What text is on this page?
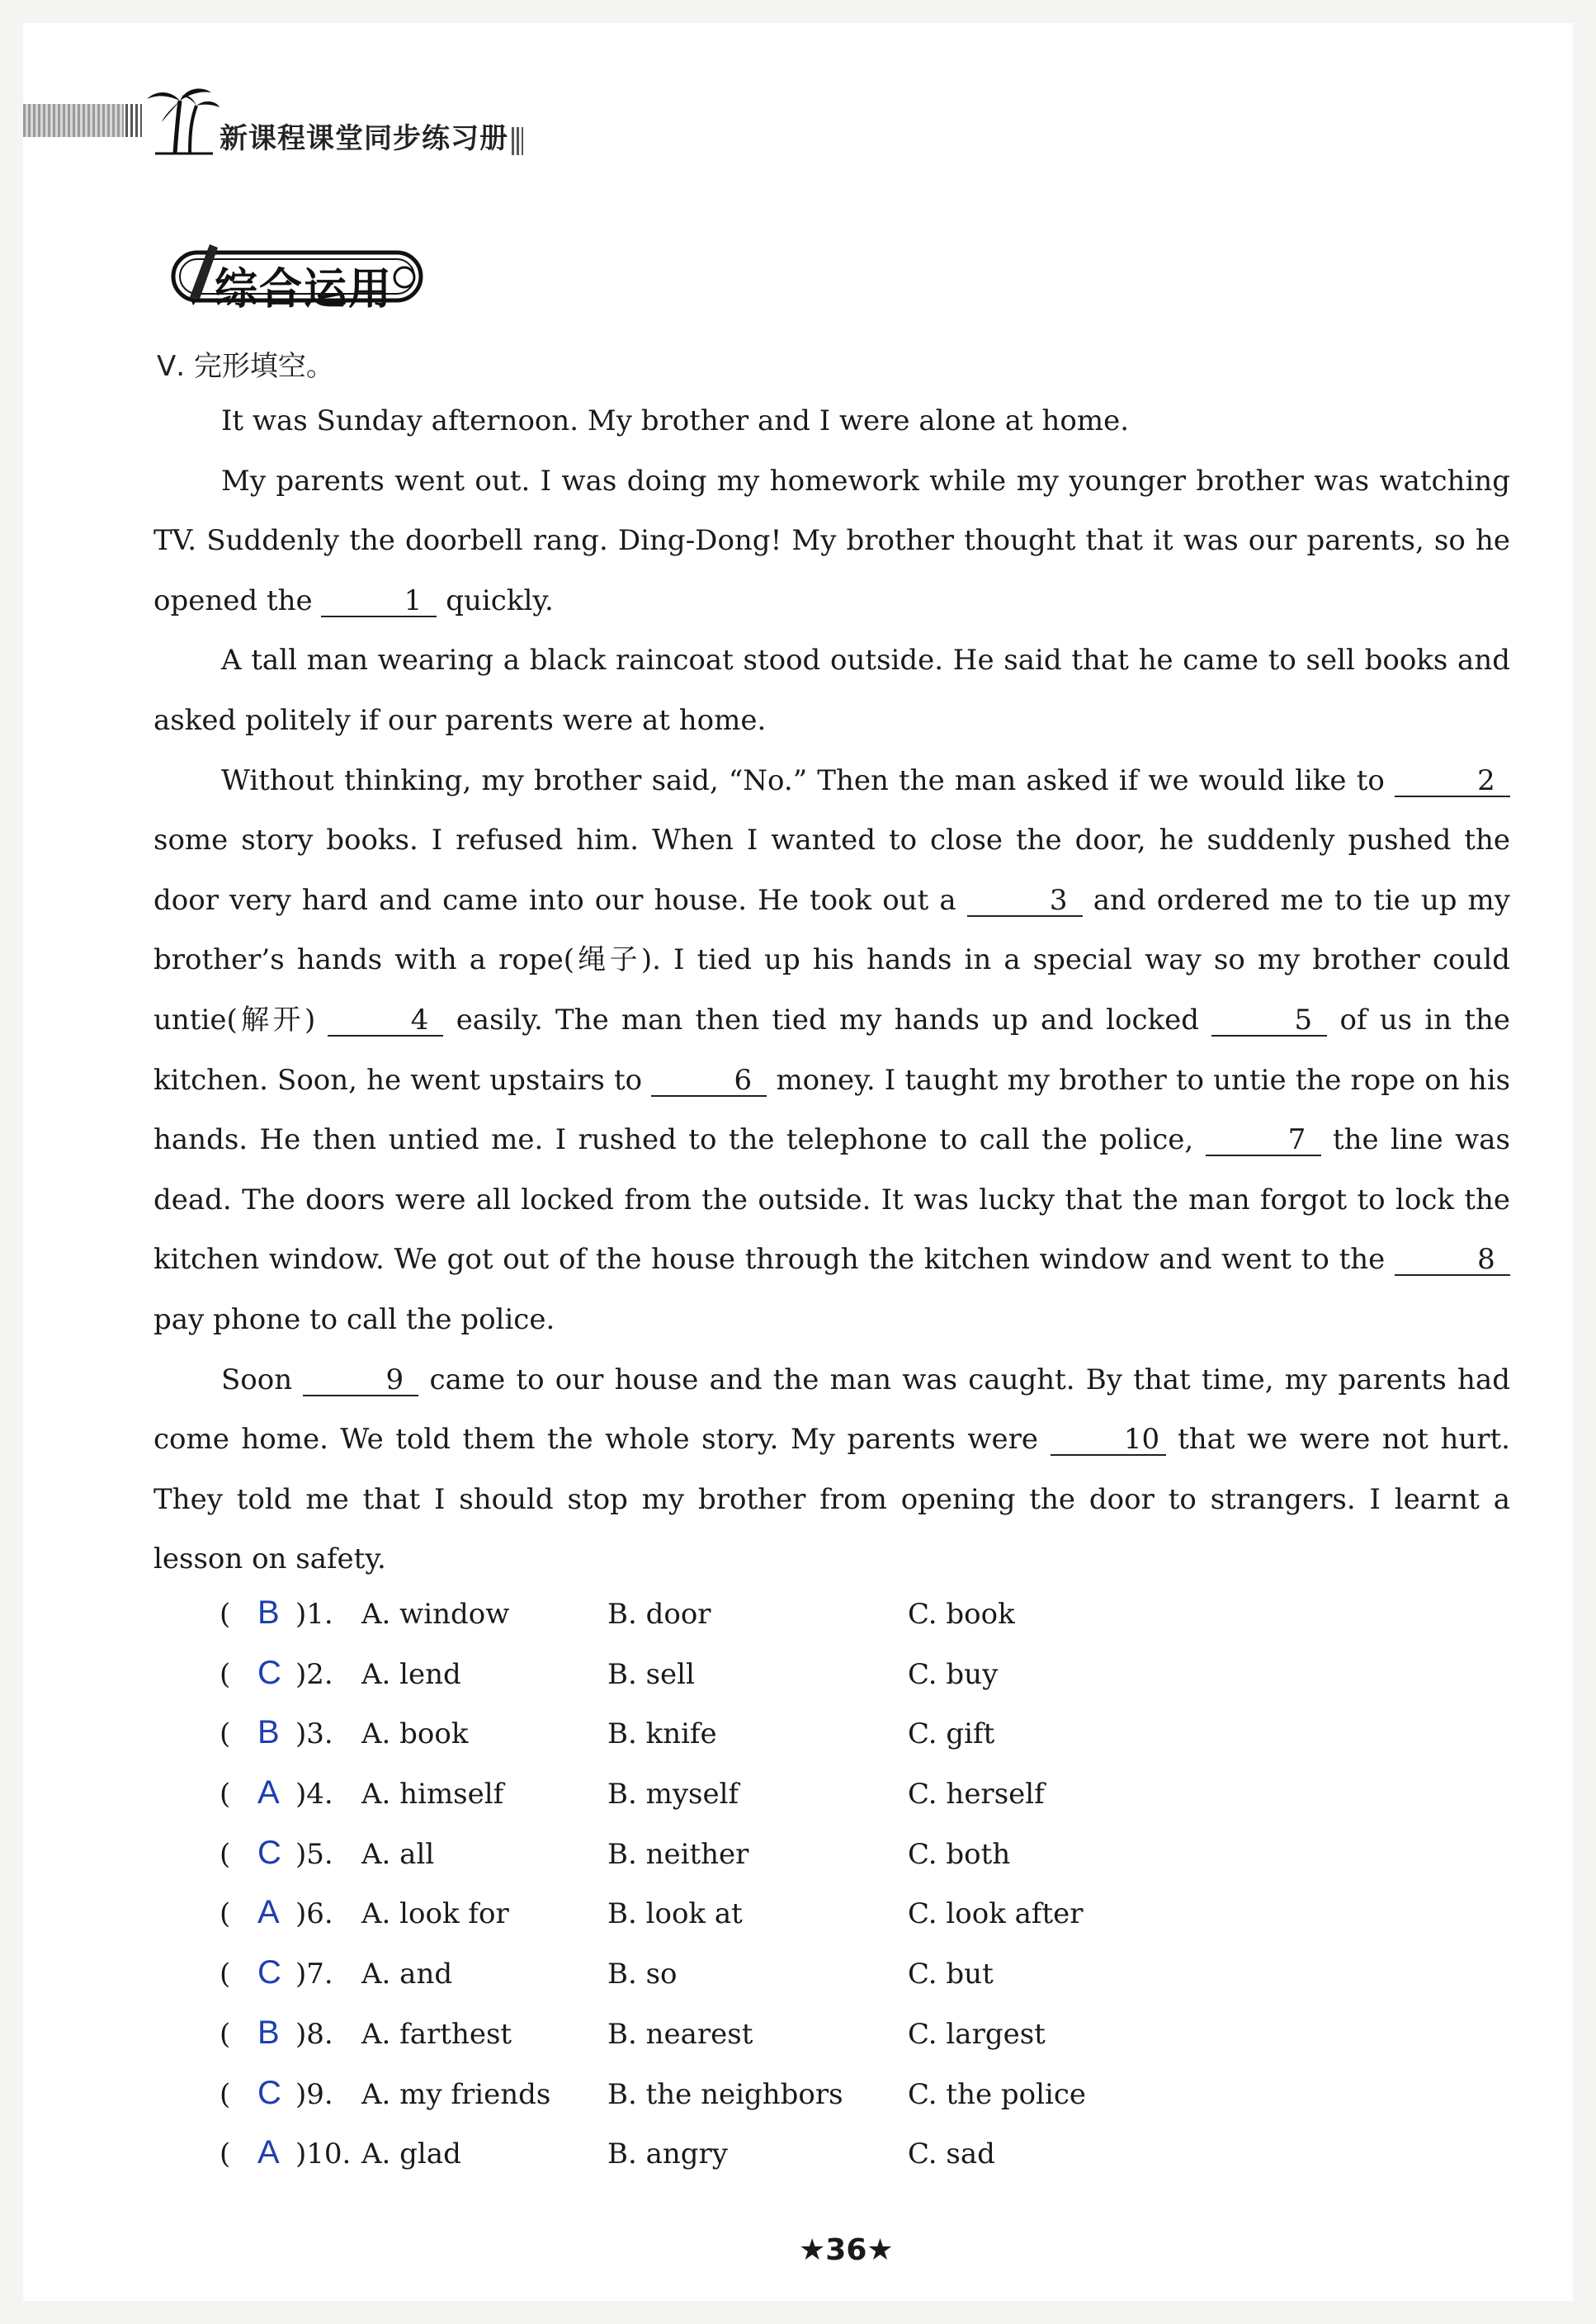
新课程课堂同步练习册
综合运用
Ⅴ. 完形填空。

It was Sunday afternoon. My brother and I were alone at home.

My parents went out. I was doing my homework while my younger brother was watching TV. Suddenly the doorbell rang. Ding-Dong! My brother thought that it was our parents, so he opened the	1 quickly.

A tall man wearing a black raincoat stood outside. He said that he came to sell books and asked politely if our parents were at home.

Without thinking, my brother said, “No.” Then the man asked if we would like to	2 some story books. I refused him. When I wanted to close the door, he suddenly pushed the door very hard and came into our house. He took out a	3 and ordered me to tie up my brother’s hands with a rope(绳子). I tied up his hands in a special way so my brother could untie(解开)	4 easily. The man then tied my hands up and locked	5 of us in the kitchen. Soon, he went upstairs to	6 money. I taught my brother to untie the rope on his hands. He then untied me. I rushed to the telephone to call the police,	7 the line was dead. The doors were all locked from the outside. It was lucky that the man forgot to lock the kitchen window. We got out of the house through the kitchen window and went to the	8 pay phone to call the police.

Soon	9 came to our house and the man was caught. By that time, my parents had come home. We told them the whole story. My parents were	10 that we were not hurt. They told me that I should stop my brother from opening the door to strangers. I learnt a lesson on safety.

( B )1. A. window	B. door	C. book
( C )2. A. lend	B. sell	C. buy
( B )3. A. book	B. knife	C. gift
( A )4. A. himself	B. myself	C. herself
( C )5. A. all	B. neither	C. both
( A )6. A. look for	B. look at	C. look after
( C )7. A. and	B. so	C. but
( B )8. A. farthest	B. nearest	C. largest
( C )9. A. my friends B. the neighbors C. the police
( A )10. A. glad	B. angry	C. sad
★36★
